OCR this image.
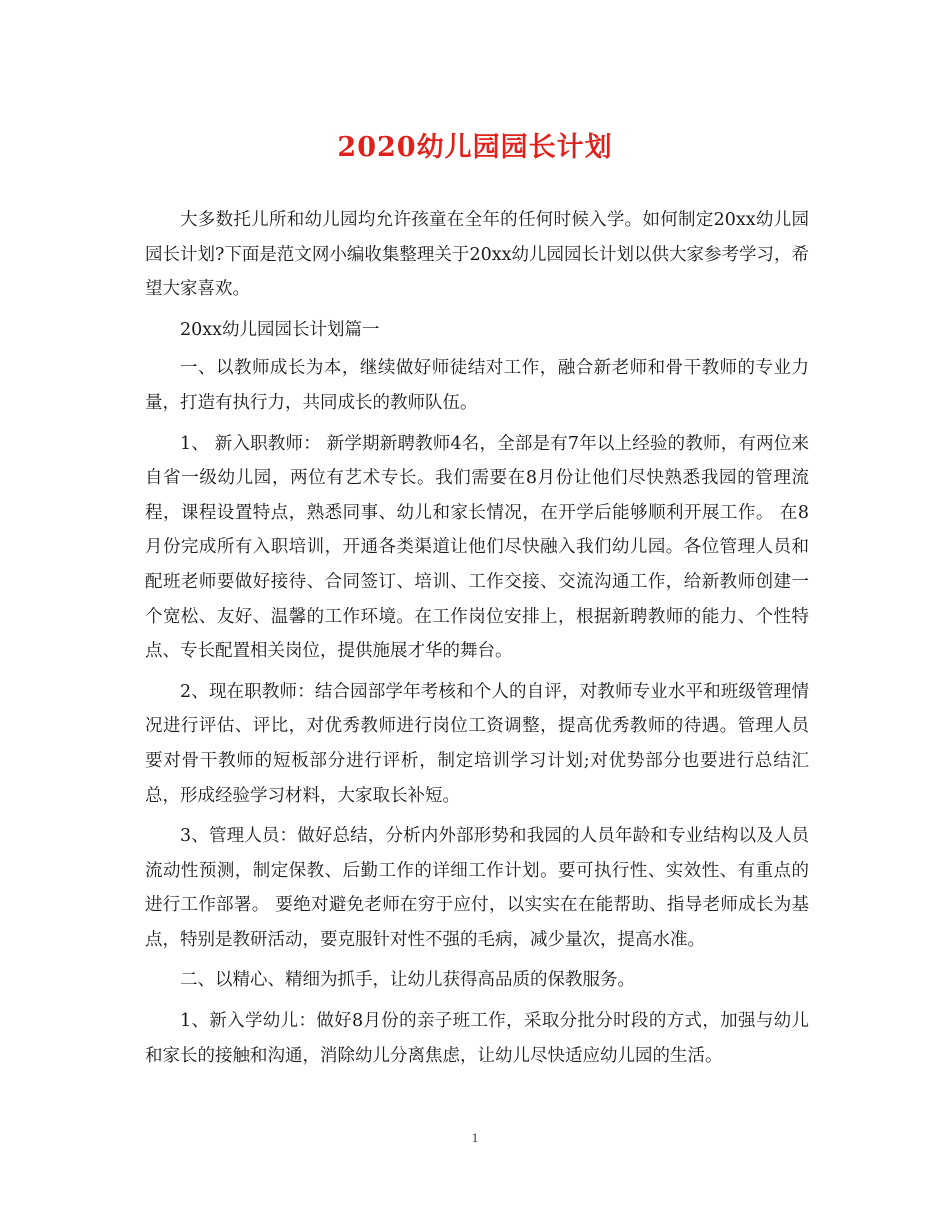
2020幼儿园园长计划

大多数托儿所和幼儿园均允许孩童在全年的任何时候入学。如何制定20xx幼儿园园长计划?下面是范文网小编收集整理关于20xx幼儿园园长计划以供大家参考学习，希望大家喜欢。

20xx幼儿园园长计划篇一

一、以教师成长为本，继续做好师徒结对工作，融合新老师和骨干教师的专业力量，打造有执行力，共同成长的教师队伍。

1、 新入职教师： 新学期新聘教师4名，全部是有7年以上经验的教师，有两位来自省一级幼儿园，两位有艺术专长。我们需要在8月份让他们尽快熟悉我园的管理流程，课程设置特点，熟悉同事、幼儿和家长情况，在开学后能够顺利开展工作。 在8月份完成所有入职培训，开通各类渠道让他们尽快融入我们幼儿园。各位管理人员和配班老师要做好接待、合同签订、培训、工作交接、交流沟通工作，给新教师创建一个宽松、友好、温馨的工作环境。在工作岗位安排上，根据新聘教师的能力、个性特点、专长配置相关岗位，提供施展才华的舞台。

2、现在职教师：结合园部学年考核和个人的自评，对教师专业水平和班级管理情况进行评估、评比，对优秀教师进行岗位工资调整，提高优秀教师的待遇。管理人员要对骨干教师的短板部分进行评析，制定培训学习计划;对优势部分也要进行总结汇总，形成经验学习材料，大家取长补短。

3、管理人员：做好总结，分析内外部形势和我园的人员年龄和专业结构以及人员流动性预测，制定保教、后勤工作的详细工作计划。要可执行性、实效性、有重点的进行工作部署。 要绝对避免老师在穷于应付，以实实在在能帮助、指导老师成长为基点，特别是教研活动，要克服针对性不强的毛病，减少量次，提高水准。

二、以精心、精细为抓手，让幼儿获得高品质的保教服务。

1、新入学幼儿：做好8月份的亲子班工作，采取分批分时段的方式，加强与幼儿和家长的接触和沟通，消除幼儿分离焦虑，让幼儿尽快适应幼儿园的生活。

1
